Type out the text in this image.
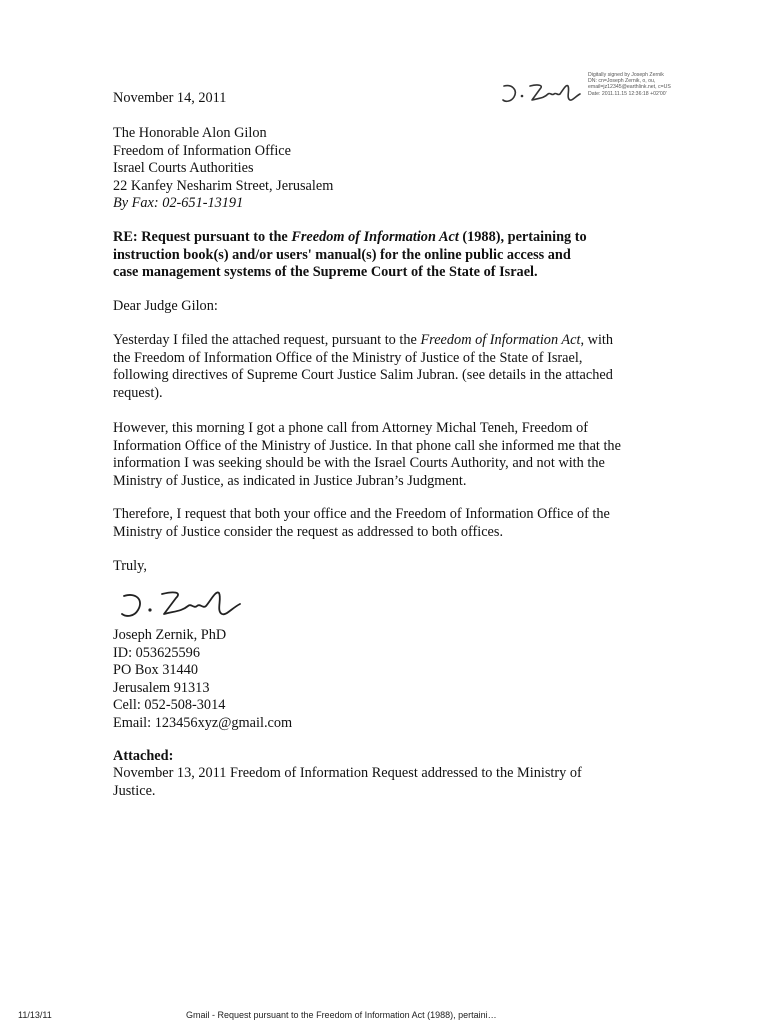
Digitally signed by Joseph Zernik
DN: cn=Joseph Zernik, o, ou,
email=jz12345@earthlink.net, c=US
Date: 2011.11.15 12:36:18 +02'00'

November 14, 2011

The Honorable Alon Gilon
Freedom of Information Office
Israel Courts Authorities
22 Kanfey Nesharim Street, Jerusalem
By Fax: 02-651-13191

RE: Request pursuant to the Freedom of Information Act (1988), pertaining to
instruction book(s) and/or users' manual(s) for the online public access and
case management systems of the Supreme Court of the State of Israel.

Dear Judge Gilon:

Yesterday I filed the attached request, pursuant to the Freedom of Information Act, with
the Freedom of Information Office of the Ministry of Justice of the State of Israel,
following directives of Supreme Court Justice Salim Jubran. (see details in the attached
request).

However, this morning I got a phone call from Attorney Michal Teneh, Freedom of
Information Office of the Ministry of Justice. In that phone call she informed me that the
information I was seeking should be with the Israel Courts Authority, and not with the
Ministry of Justice, as indicated in Justice Jubran’s Judgment.

Therefore, I request that both your office and the Freedom of Information Office of the
Ministry of Justice consider the request as addressed to both offices.

Truly,

Joseph Zernik, PhD
ID: 053625596
PO Box 31440
Jerusalem 91313
Cell: 052-508-3014
Email: 123456xyz@gmail.com

Attached:

November 13, 2011 Freedom of Information Request addressed to the Ministry of
Justice.

11/13/11	Gmail - Request pursuant to the Freedom of Information Act (1988), pertaini…
